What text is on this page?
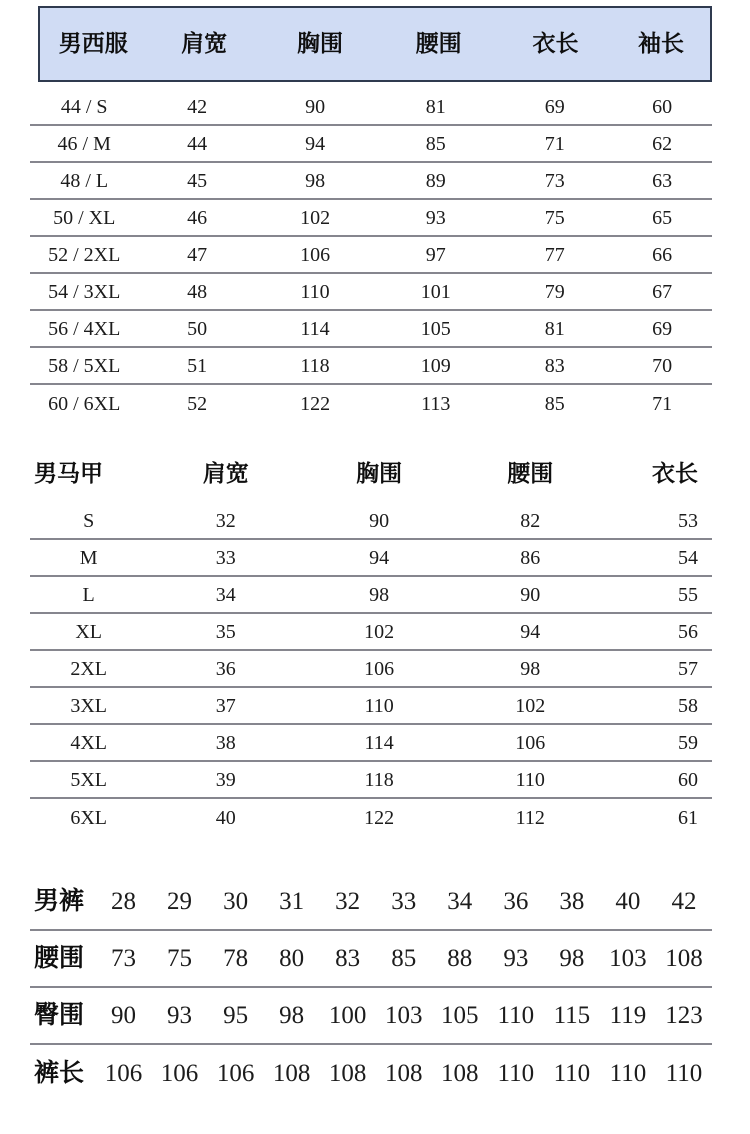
男西服	肩宽	胸围	腰围	衣长	袖长
44 / S	42	90	81	69	60
46 / M	44	94	85	71	62
48 / L	45	98	89	73	63
50 / XL	46	102	93	75	65
52 / 2XL	47	106	97	77	66
54 / 3XL	48	110	101	79	67
56 / 4XL	50	114	105	81	69
58 / 5XL	51	118	109	83	70
60 / 6XL	52	122	113	85	71
男马甲	肩宽	胸围	腰围	衣长
S	32	90	82	53
M	33	94	86	54
L	34	98	90	55
XL	35	102	94	56
2XL	36	106	98	57
3XL	37	110	102	58
4XL	38	114	106	59
5XL	39	118	110	60
6XL	40	122	112	61
男裤	28	29	30	31	32	33	34	36	38	40	42
腰围	73	75	78	80	83	85	88	93	98 103 108
臀围	90	93	95	98 100 103 105 110 115 119 123
裤长 106 106 106 108 108 108 108 110 110 110 110
